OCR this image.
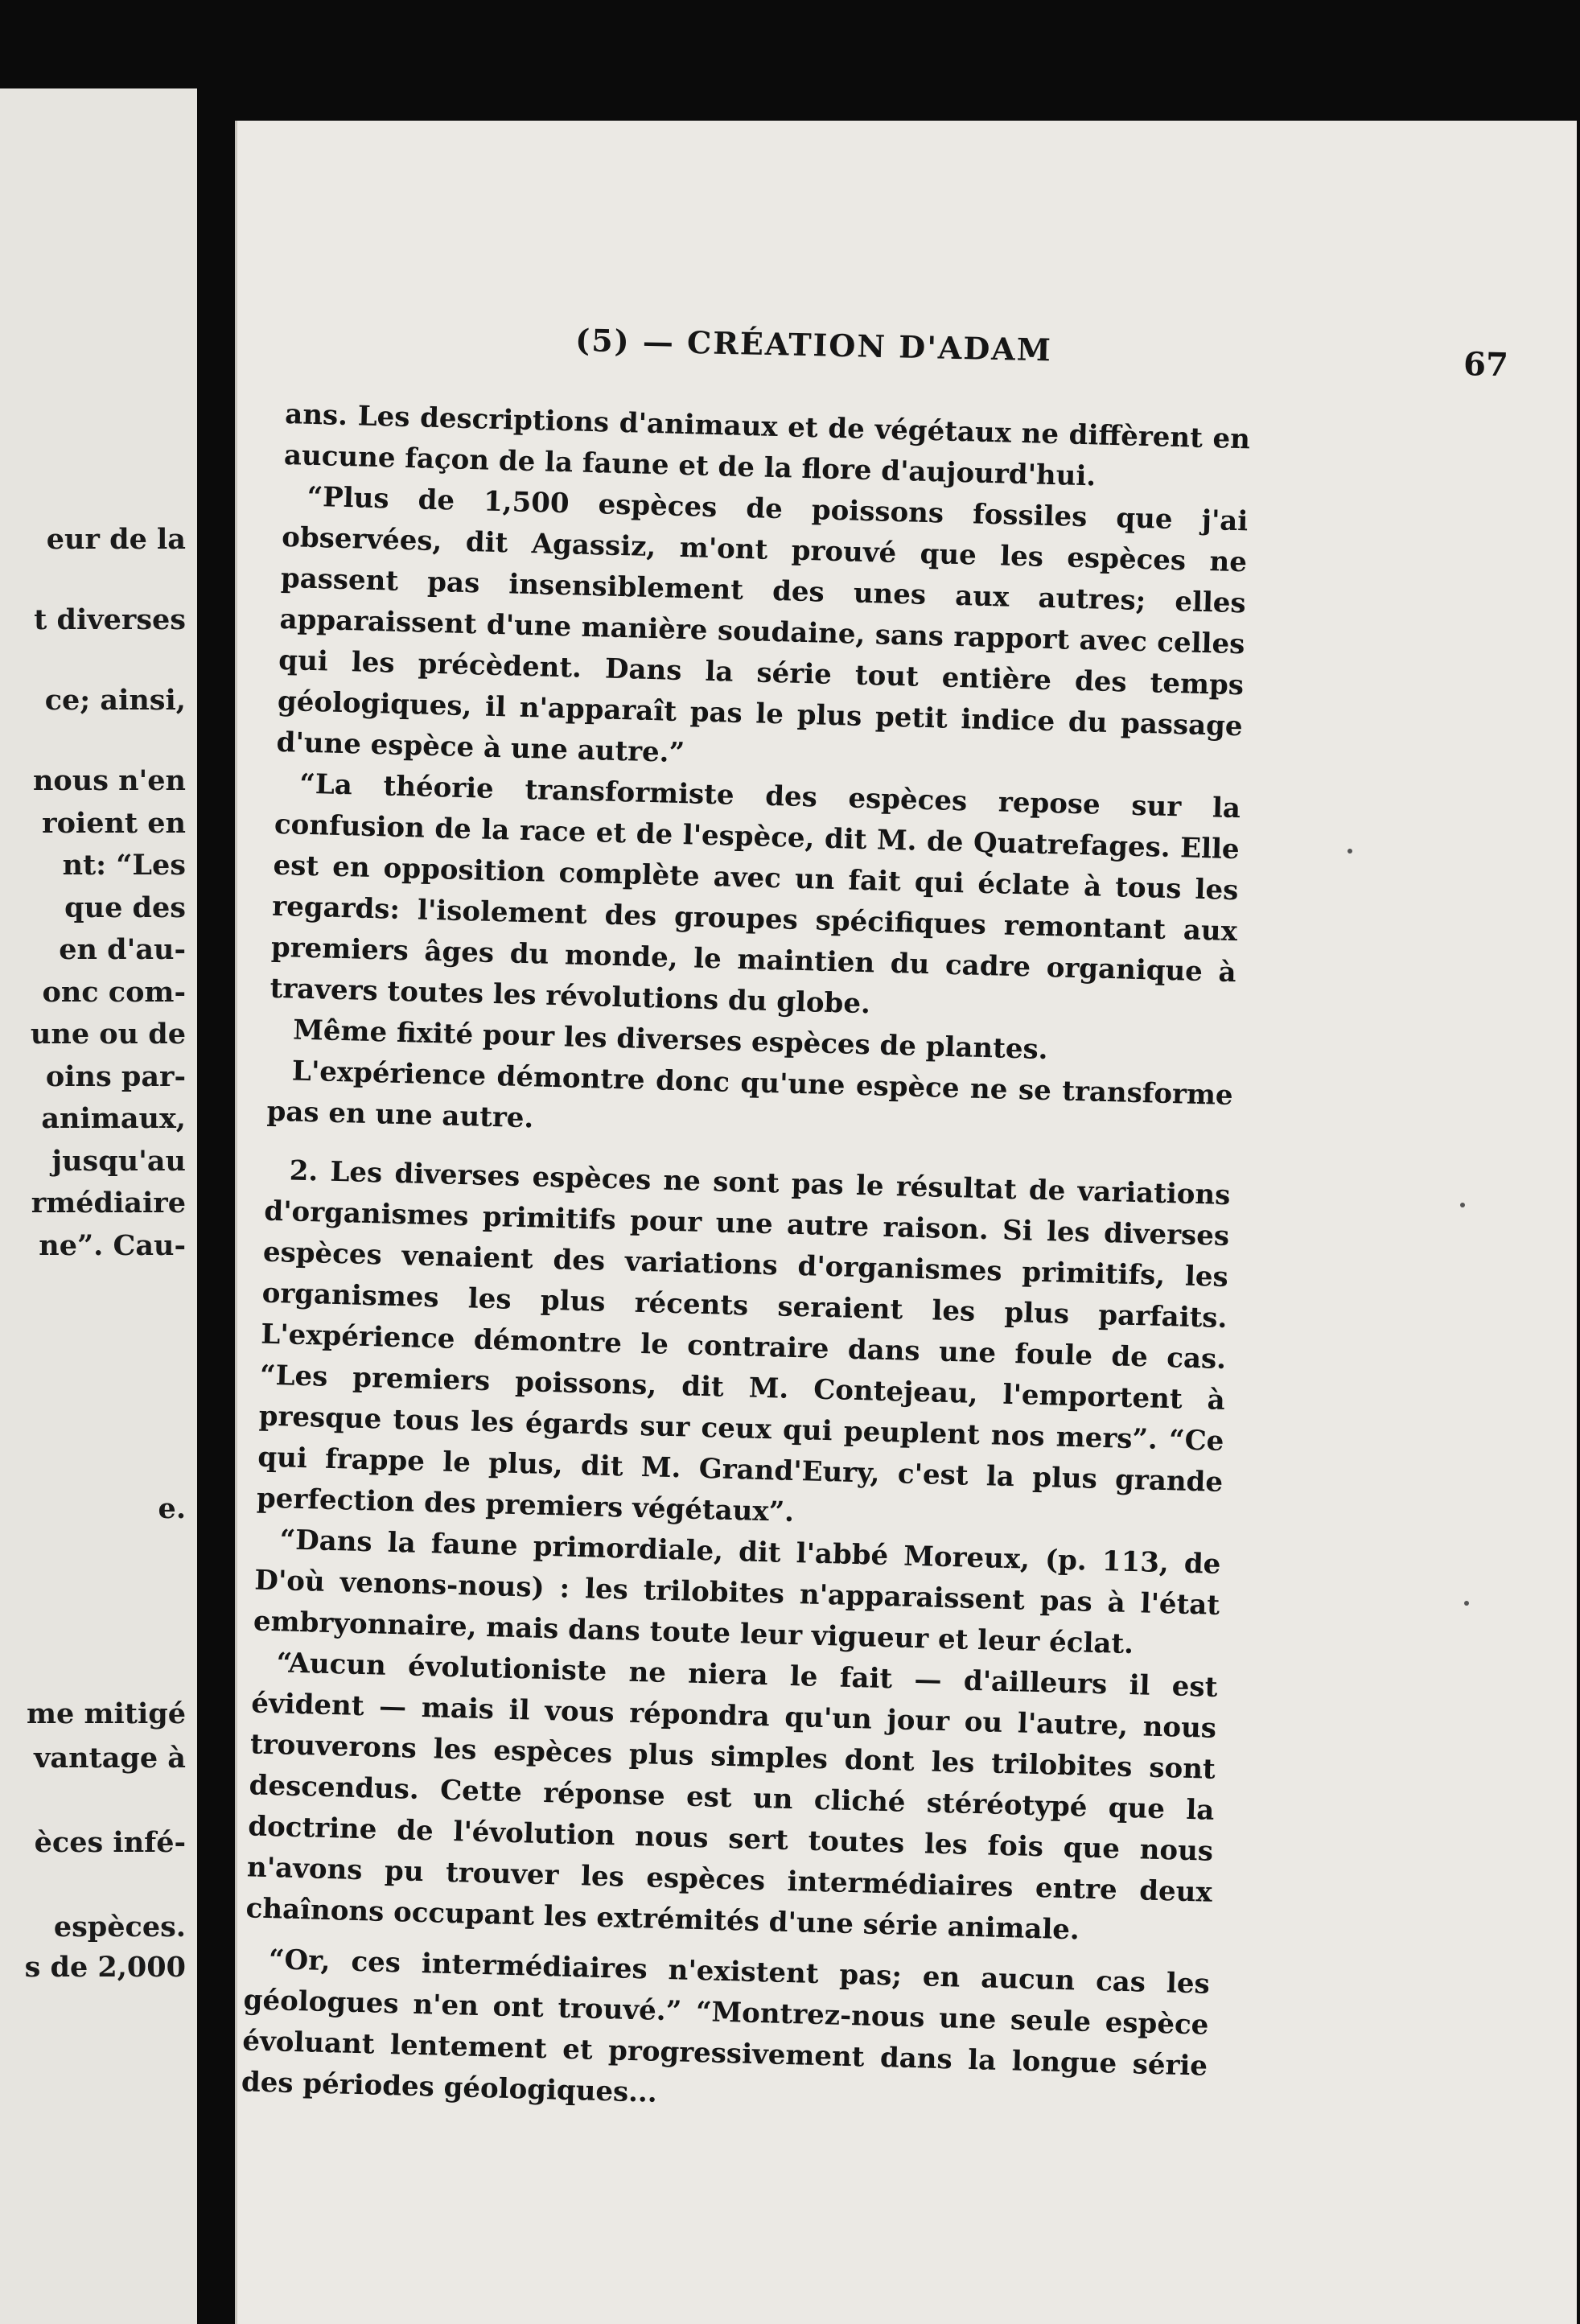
eur de la
t diverses
ce; ainsi,
nous n'en
roient en
nt: “Les
que des
en d'au-
onc com-
une ou de
oins par-
animaux,
jusqu'au
rmédiaire
ne”. Cau-
e.
me mitigé
vantage à
èces infé-
espèces.
s de 2,000
(5) — CRÉATION D'ADAM	67

ans. Les descriptions d'animaux et de végétaux ne diffèrent en aucune façon de la faune et de la flore d'aujourd'hui.

“Plus de 1,500 espèces de poissons fossiles que j'ai observées, dit Agassiz, m'ont prouvé que les espèces ne passent pas insensiblement des unes aux autres; elles apparaissent d'une manière soudaine, sans rapport avec celles qui les précèdent. Dans la série tout entière des temps géologiques, il n'apparaît pas le plus petit indice du passage d'une espèce à une autre.”

“La théorie transformiste des espèces repose sur la confusion de la race et de l'espèce, dit M. de Quatrefages. Elle est en opposition complète avec un fait qui éclate à tous les regards: l'isolement des groupes spécifiques remontant aux premiers âges du monde, le maintien du cadre organique à travers toutes les révolutions du globe.

Même fixité pour les diverses espèces de plantes.

L'expérience démontre donc qu'une espèce ne se transforme pas en une autre.

2. Les diverses espèces ne sont pas le résultat de variations d'organismes primitifs pour une autre raison. Si les diverses espèces venaient des variations d'organismes primitifs, les organismes les plus récents seraient les plus parfaits. L'expérience démontre le contraire dans une foule de cas. “Les premiers poissons, dit M. Contejeau, l'emportent à presque tous les égards sur ceux qui peuplent nos mers”. “Ce qui frappe le plus, dit M. Grand'Eury, c'est la plus grande perfection des premiers végétaux”.

“Dans la faune primordiale, dit l'abbé Moreux, (p. 113, de D'où venons-nous) : les trilobites n'apparaissent pas à l'état embryonnaire, mais dans toute leur vigueur et leur éclat.

“Aucun évolutioniste ne niera le fait — d'ailleurs il est évident — mais il vous répondra qu'un jour ou l'autre, nous trouverons les espèces plus simples dont les trilobites sont descendus. Cette réponse est un cliché stéréotypé que la doctrine de l'évolution nous sert toutes les fois que nous n'avons pu trouver les espèces intermédiaires entre deux chaînons occupant les extrémités d'une série animale.

“Or, ces intermédiaires n'existent pas; en aucun cas les géologues n'en ont trouvé.” “Montrez-nous une seule espèce évoluant lentement et progressivement dans la longue série des périodes géologiques...
